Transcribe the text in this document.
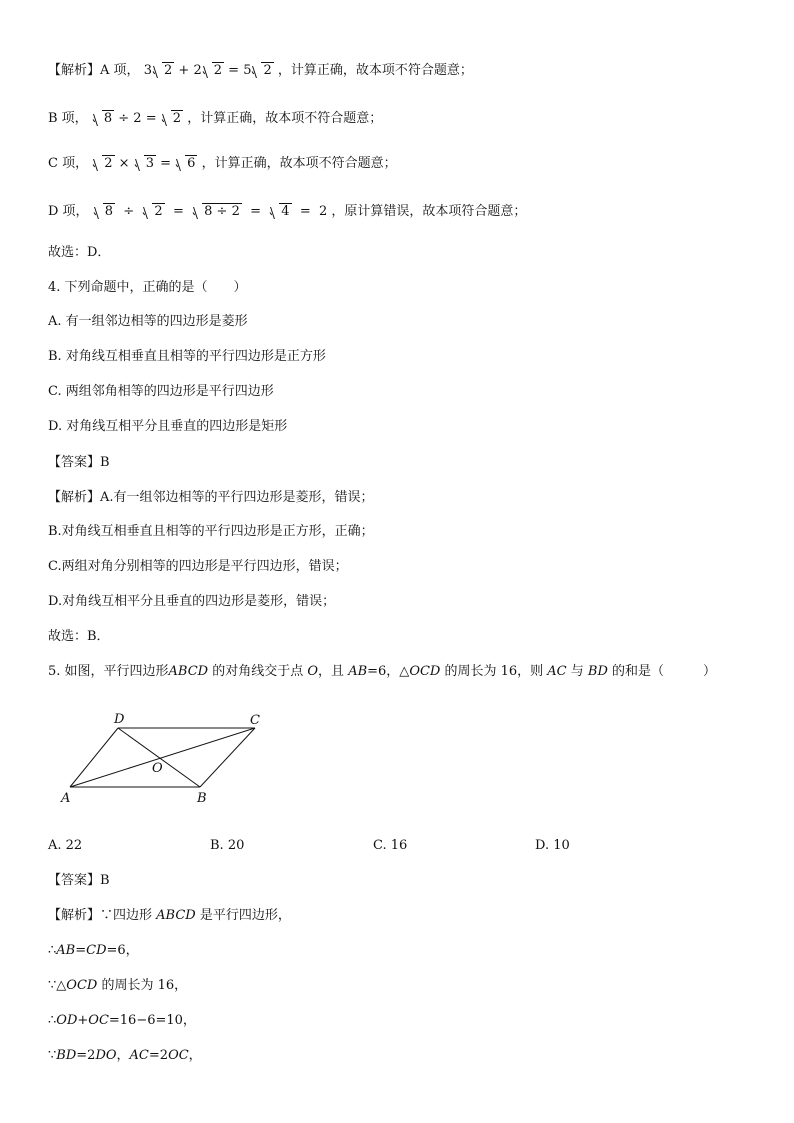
【解析】A 项， 3 2 + 2 2 = 5 2 ，计算正确，故本项不符合题意；
B 项， 8 ÷ 2 = 2 ，计算正确，故本项不符合题意；
C 项， 2 × 3 = 6 ，计算正确，故本项不符合题意；
D 项， 8 ÷ 2 = 8 ÷ 2 = 4 = 2 ，原计算错误，故本项符合题意；
故选：D．
4. 下列命题中，正确的是（　　）
A. 有一组邻边相等的四边形是菱形
B. 对角线互相垂直且相等的平行四边形是正方形
C. 两组邻角相等的四边形是平行四边形
D. 对角线互相平分且垂直的四边形是矩形
【答案】B
【解析】A.有一组邻边相等的平行四边形是菱形，错误；
B.对角线互相垂直且相等的平行四边形是正方形，正确；
C.两组对角分别相等的四边形是平行四边形，错误；
D.对角线互相平分且垂直的四边形是菱形，错误；
故选：B．
5. 如图，平行四边形ABCD 的对角线交于点 O，且 AB=6，△OCD 的周长为 16，则 AC 与 BD 的和是（　　　）
D	C
O
A	B
A. 22	B. 20	C. 16	D. 10
【答案】B
【解析】∵四边形 ABCD 是平行四边形，
∴AB=CD=6，
∵△OCD 的周长为 16，
∴OD+OC=16−6=10，
∵BD=2DO，AC=2OC，
